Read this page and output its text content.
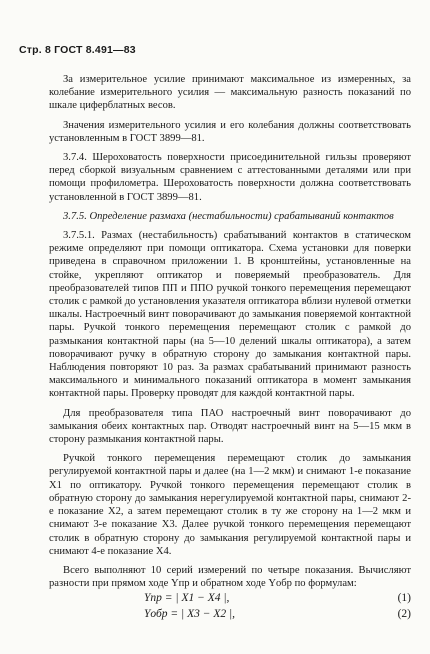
Стр. 8 ГОСТ 8.491—83

За измерительное усилие принимают максимальное из измеренных, за колебание измерительного усилия — максимальную разность показаний по шкале циферблатных весов.

Значения измерительного усилия и его колебания должны соответствовать установленным в ГОСТ 3899—81.

3.7.4. Шероховатость поверхности присоединительной гильзы проверяют перед сборкой визуальным сравнением с аттестованными деталями или при помощи профилометра. Шероховатость поверхности должна соответствовать установленной в ГОСТ 3899—81.

3.7.5. Определение размаха (нестабильности) срабатываний контактов

3.7.5.1. Размах (нестабильность) срабатываний контактов в статическом режиме определяют при помощи оптикатора. Схема установки для поверки приведена в справочном приложении 1. В кронштейны, установленные на стойке, укрепляют оптикатор и поверяемый преобразователь. Для преобразователей типов ПП и ППО ручкой тонкого перемещения перемещают столик с рамкой до установления указателя оптикатора вблизи нулевой отметки шкалы. Настроечный винт поворачивают до замыкания поверяемой контактной пары. Ручкой тонкого перемещения перемещают столик с рамкой до размыкания контактной пары (на 5—10 делений шкалы оптикатора), а затем поворачивают ручку в обратную сторону до замыкания контактной пары. Наблюдения повторяют 10 раз. За размах срабатываний принимают разность максимального и минимального показаний оптикатора в момент замыкания контактной пары. Проверку проводят для каждой контактной пары.

Для преобразователя типа ПАО настроечный винт поворачивают до замыкания обеих контактных пар. Отводят настроечный винт на 5—15 мкм в сторону размыкания контактной пары.

Ручкой тонкого перемещения перемещают столик до замыкания регулируемой контактной пары и далее (на 1—2 мкм) и снимают 1-е показание X1 по оптикатору. Ручкой тонкого перемещения перемещают столик в обратную сторону до замыкания нерегулируемой контактной пары, снимают 2-е показание X2, а затем перемещают столик в ту же сторону на 1—2 мкм и снимают 3-е показание X3. Далее ручкой тонкого перемещения перемещают столик в обратную сторону до замыкания регулируемой контактной пары и снимают 4-е показание X4.

Всего выполняют 10 серий измерений по четыре показания. Вычисляют разности при прямом ходе Yпр и обратном ходе Yобр по формулам:

Yпр = | X1 − X4 |,	(1)
Yобр = | X3 − X2 |,	(2)
